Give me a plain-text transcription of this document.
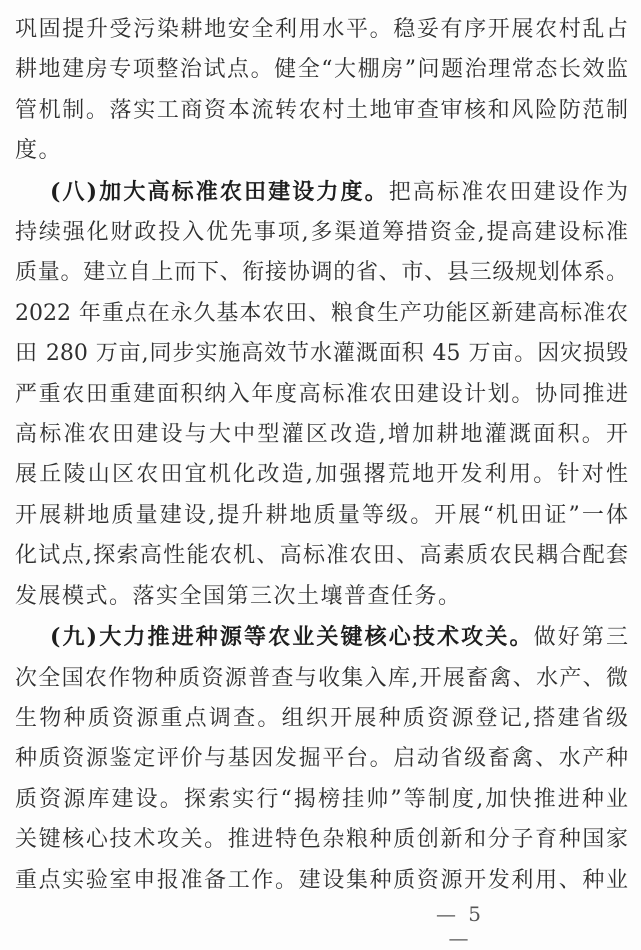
巩固提升受污染耕地安全利用水平。稳妥有序开展农村乱占
耕地建房专项整治试点。健全“大棚房”问题治理常态长效监
管机制。落实工商资本流转农村土地审查审核和风险防范制
度。
(八)加大高标准农田建设力度。把高标准农田建设作为
持续强化财政投入优先事项,多渠道筹措资金,提高建设标准
质量。建立自上而下、衔接协调的省、市、县三级规划体系。
2022 年重点在永久基本农田、粮食生产功能区新建高标准农
田 280 万亩,同步实施高效节水灌溉面积 45 万亩。因灾损毁
严重农田重建面积纳入年度高标准农田建设计划。协同推进
高标准农田建设与大中型灌区改造,增加耕地灌溉面积。开
展丘陵山区农田宜机化改造,加强撂荒地开发利用。针对性
开展耕地质量建设,提升耕地质量等级。开展“机田证”一体
化试点,探索高性能农机、高标准农田、高素质农民耦合配套
发展模式。落实全国第三次土壤普查任务。
(九)大力推进种源等农业关键核心技术攻关。做好第三
次全国农作物种质资源普查与收集入库,开展畜禽、水产、微
生物种质资源重点调查。组织开展种质资源登记,搭建省级
种质资源鉴定评价与基因发掘平台。启动省级畜禽、水产种
质资源库建设。探索实行“揭榜挂帅”等制度,加快推进种业
关键核心技术攻关。推进特色杂粮种质创新和分子育种国家
重点实验室申报准备工作。建设集种质资源开发利用、种业
— 5 —
